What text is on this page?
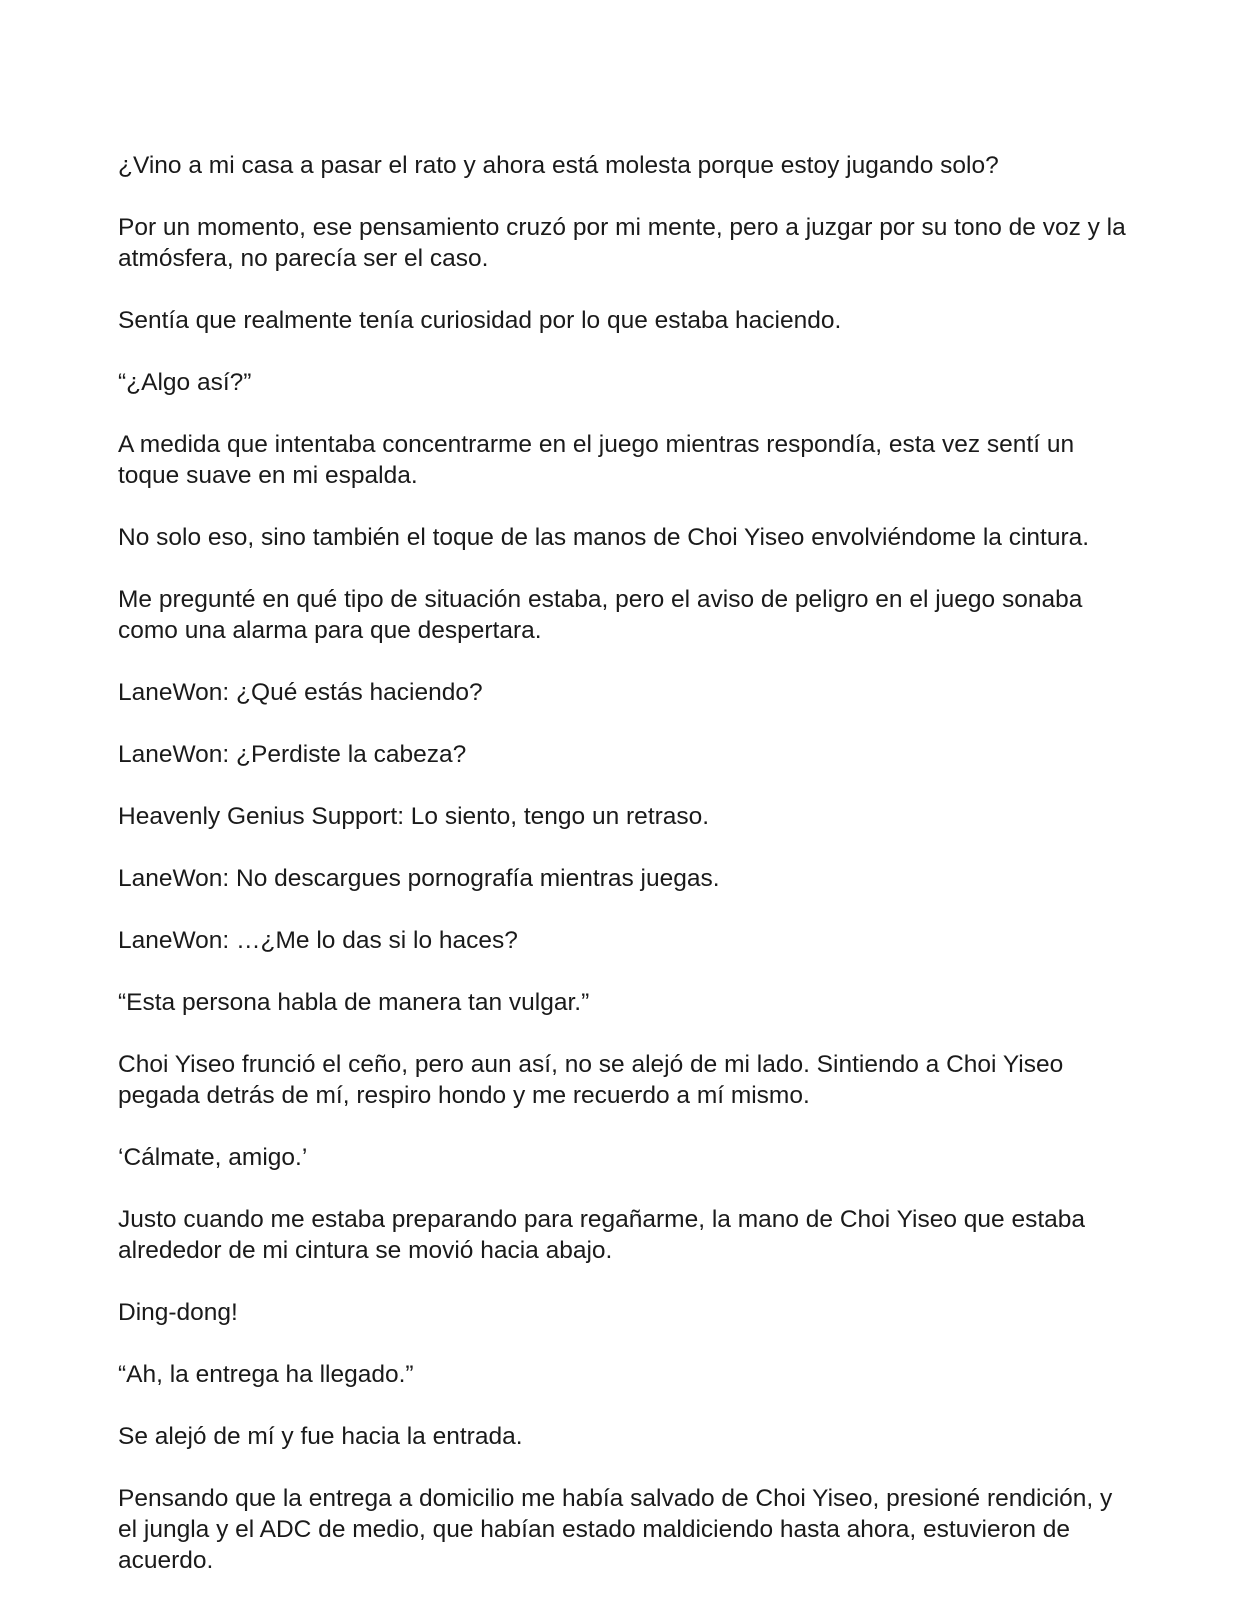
¿Vino a mi casa a pasar el rato y ahora está molesta porque estoy jugando solo?

Por un momento, ese pensamiento cruzó por mi mente, pero a juzgar por su tono de voz y la atmósfera, no parecía ser el caso.

Sentía que realmente tenía curiosidad por lo que estaba haciendo.

“¿Algo así?”

A medida que intentaba concentrarme en el juego mientras respondía, esta vez sentí un toque suave en mi espalda.

No solo eso, sino también el toque de las manos de Choi Yiseo envolviéndome la cintura.

Me pregunté en qué tipo de situación estaba, pero el aviso de peligro en el juego sonaba como una alarma para que despertara.

LaneWon: ¿Qué estás haciendo?

LaneWon: ¿Perdiste la cabeza?

Heavenly Genius Support: Lo siento, tengo un retraso.

LaneWon: No descargues pornografía mientras juegas.

LaneWon: …¿Me lo das si lo haces?

“Esta persona habla de manera tan vulgar.”

Choi Yiseo frunció el ceño, pero aun así, no se alejó de mi lado. Sintiendo a Choi Yiseo pegada detrás de mí, respiro hondo y me recuerdo a mí mismo.

‘Cálmate, amigo.’

Justo cuando me estaba preparando para regañarme, la mano de Choi Yiseo que estaba alrededor de mi cintura se movió hacia abajo.

Ding-dong!

“Ah, la entrega ha llegado.”

Se alejó de mí y fue hacia la entrada.

Pensando que la entrega a domicilio me había salvado de Choi Yiseo, presioné rendición, y el jungla y el ADC de medio, que habían estado maldiciendo hasta ahora, estuvieron de acuerdo.
